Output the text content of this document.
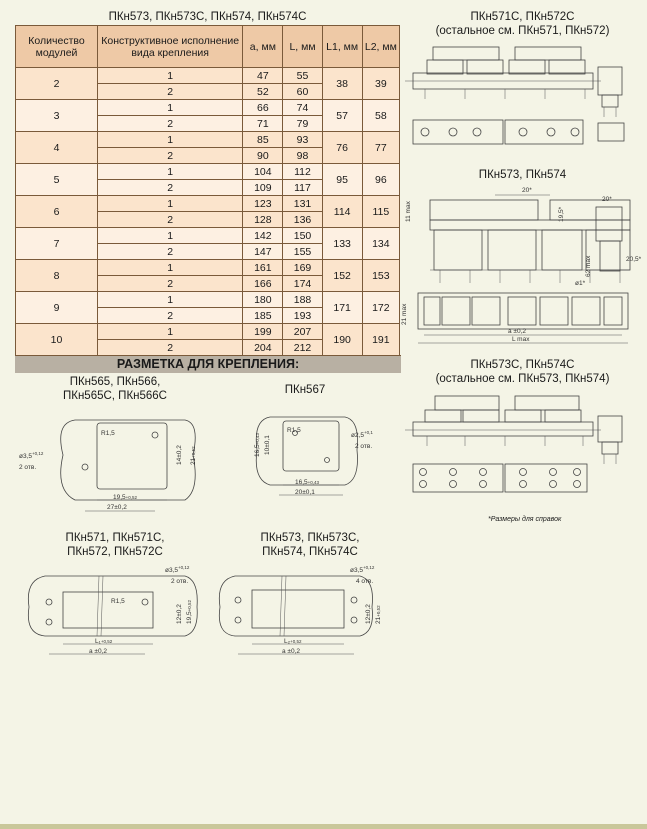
ПКн573, ПКн573С, ПКн574, ПКн574С
Количество модулей	Конструктивное исполнение вида крепления	а, мм	L, мм	L1, мм	L2, мм
2	1	47	55	38	39
	2	52	60		
3	1	66	74	57	58
	2	71	79		
4	1	85	93	76	77
	2	90	98		
5	1	104	112	95	96
	2	109	117		
6	1	123	131	114	115
	2	128	136		
7	1	142	150	133	134
	2	147	155		
8	1	161	169	152	153
	2	166	174		
9	1	180	188	171	172
	2	185	193		
10	1	199	207	190	191
	2	204	212		
РАЗМЕТКА ДЛЯ КРЕПЛЕНИЯ:
ПКн571С, ПКн572С
(остальное см. ПКн571, ПКн572)
ПКн573, ПКн574
20*
11 max	19,5*
ø1*
20*
62 max	20,5*
21 max
a ±0,2
L max
ПКн573С, ПКн574С
(остальное см. ПКн573, ПКн574)
*Размеры для справок
ПКн565, ПКн566,
ПКн565С, ПКн566С
R1,5
$ø3,5^{+0,12}$
2 отв.
14±0,2 21+0,52
19,5+0,52
27±0,2
ПКн567
R1,5
$ø2,5^{+0,1}$
2 отв.
16,5+0,43 10±0,1
16,5+0,43
20±0,1
ПКн571, ПКн571С,
ПКн572, ПКн572С
R1,5
$ø3,5^{+0,12}$
2 отв.
12±0,2 19,5+0,52
L₁+0,52
a ±0,2
ПКн573, ПКн573С,
ПКн574, ПКн574С
$ø3,5^{+0,12}$
4 отв.
12±0,2 21+0,52
L₂+0,52
a ±0,2
